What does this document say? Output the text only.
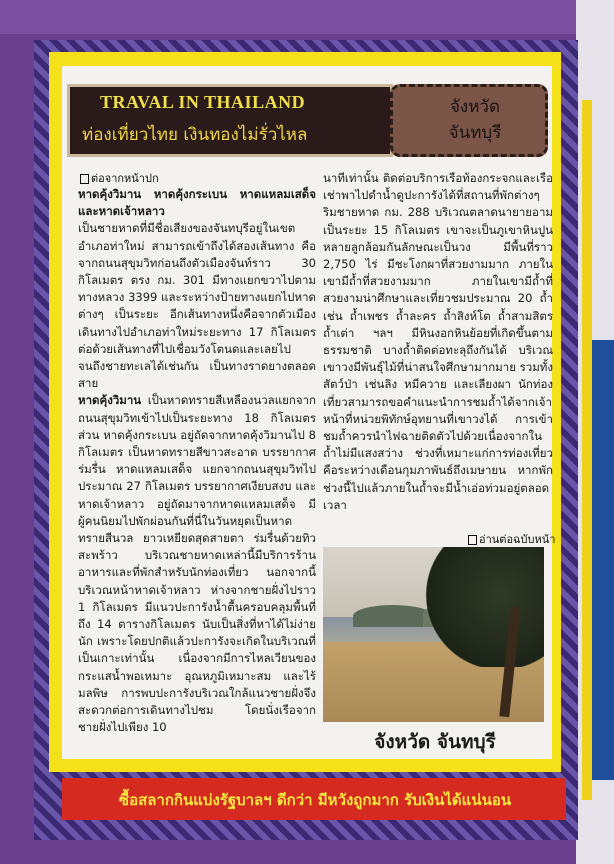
TRAVAL IN THAILAND
ท่องเที่ยวไทย เงินทองไม่รั่วไหล
จังหวัด
จันทบุรี
ต่อจากหน้าปก

หาดคุ้งวิมาน หาดคุ้งกระเบน หาดแหลมเสด็จ และหาดเจ้าหลาว

เป็นชายหาดที่มีชื่อเสียงของจันทบุรีอยู่ในเขตอำเภอท่าใหม่ สามารถเข้าถึงได้สองเส้นทาง คือ จากถนนสุขุมวิทก่อนถึงตัวเมืองจันท์ราว 30 กิโลเมตร ตรง กม. 301 มีทางแยกขวาไปตามทางหลวง 3399 และระหว่างป้ายทางแยกไปหาดต่างๆ เป็นระยะ อีกเส้นทางหนึ่งคือจากตัวเมืองเดินทางไปอำเภอท่าใหม่ระยะทาง 17 กิโลเมตร ต่อด้วยเส้นทางที่ไปเชื่อมวังโตนดและเลยไปจนถึงชายทะเลได้เช่นกัน เป็นทางราดยางตลอดสาย

หาดคุ้งวิมาน เป็นหาดทรายสีเหลืองนวลแยกจากถนนสุขุมวิทเข้าไปเป็นระยะทาง 18 กิโลเมตร ส่วน หาดคุ้งกระเบน อยู่ถัดจากหาดคุ้งวิมานไป 8 กิโลเมตร เป็นหาดทรายสีขาวสะอาด บรรยากาศร่มรื่น หาดแหลมเสด็จ แยกจากถนนสุขุมวิทไปประมาณ 27 กิโลเมตร บรรยากาศเงียบสงบ และ หาดเจ้าหลาว อยู่ถัดมาจากหาดแหลมเสด็จ มีผู้คนนิยมไปพักผ่อนกันที่นี่ในวันหยุดเป็นหาดทรายสีนวล ยาวเหยียดสุดสายตา ร่มรื่นด้วยทิวสะพร้าว บริเวณชายหาดเหล่านี้มีบริการร้านอาหารและที่พักสำหรับนักท่องเที่ยว นอกจากนี้บริเวณหน้าหาดเจ้าหลาว ห่างจากชายฝั่งไปราว 1 กิโลเมตร มีแนวปะการังน้ำตื้นครอบคลุมพื้นที่ถึง 14 ตารางกิโลเมตร นับเป็นสิ่งที่หาได้ไม่ง่ายนัก เพราะโดยปกติแล้วปะการังจะเกิดในบริเวณที่เป็นเกาะเท่านั้น เนื่องจากมีการไหลเวียนของกระแสน้ำพอเหมาะ อุณหภูมิเหมาะสม และไร้มลพิษ การพบปะการังบริเวณใกล้แนวชายฝั่งจึงสะดวกต่อการเดินทางไปชม โดยนั่งเรือจากชายฝั่งไปเพียง 10

นาทีเท่านั้น ติดต่อบริการเรือท้องกระจกและเรือเช่าพาไปดำน้ำดูปะการังได้ที่สถานที่พักต่างๆ ริมชายหาด กม. 288 บริเวณตลาดนายายอามเป็นระยะ 15 กิโลเมตร เขาจะเป็นภูเขาหินปูนหลายลูกล้อมกันลักษณะเป็นวง มีพื้นที่ราว 2,750 ไร่ มีชะโงกผาที่สวยงามมาก ภายในเขามีถ้ำที่สวยงามมาก ภายในเขามีถ้ำที่สวยงามน่าศึกษาและเที่ยวชมประมาณ 20 ถ้ำ เช่น ถ้ำเพชร ถ้ำละคร ถ้ำสิงห์โต ถ้ำสามสิตร ถ้ำเต่า ฯลฯ มีหินงอกหินย้อยที่เกิดขึ้นตามธรรมชาติ บางถ้ำติดต่อทะลุถึงกันได้ บริเวณเขาวงมีพันธุ์ไม้ที่น่าสนใจศึกษามากมาย รวมทั้งสัตว์ป่า เช่นลิง หมีควาย และเลียงผา นักท่องเที่ยวสามารถขอคำแนะนำการชมถ้ำได้จากเจ้าหน้าที่หน่วยพิทักษ์อุทยานที่เขาวงได้ การเข้าชมถ้ำควรนำไฟฉายติดตัวไปด้วยเนื่องจากในถ้ำไม่มีแสงสว่าง ช่วงที่เหมาะแก่การท่องเที่ยวคือระหว่างเดือนกุมภาพันธ์ถึงเมษายน หากพักช่วงนี้ไปแล้วภายในถ้ำจะมีน้ำเอ่อท่วมอยู่ตลอดเวลา

อ่านต่อฉบับหน้า
จังหวัด จันทบุรี
ซื้อสลากกินแบ่งรัฐบาลฯ ดีกว่า มีหวังถูกมาก รับเงินได้แน่นอน
